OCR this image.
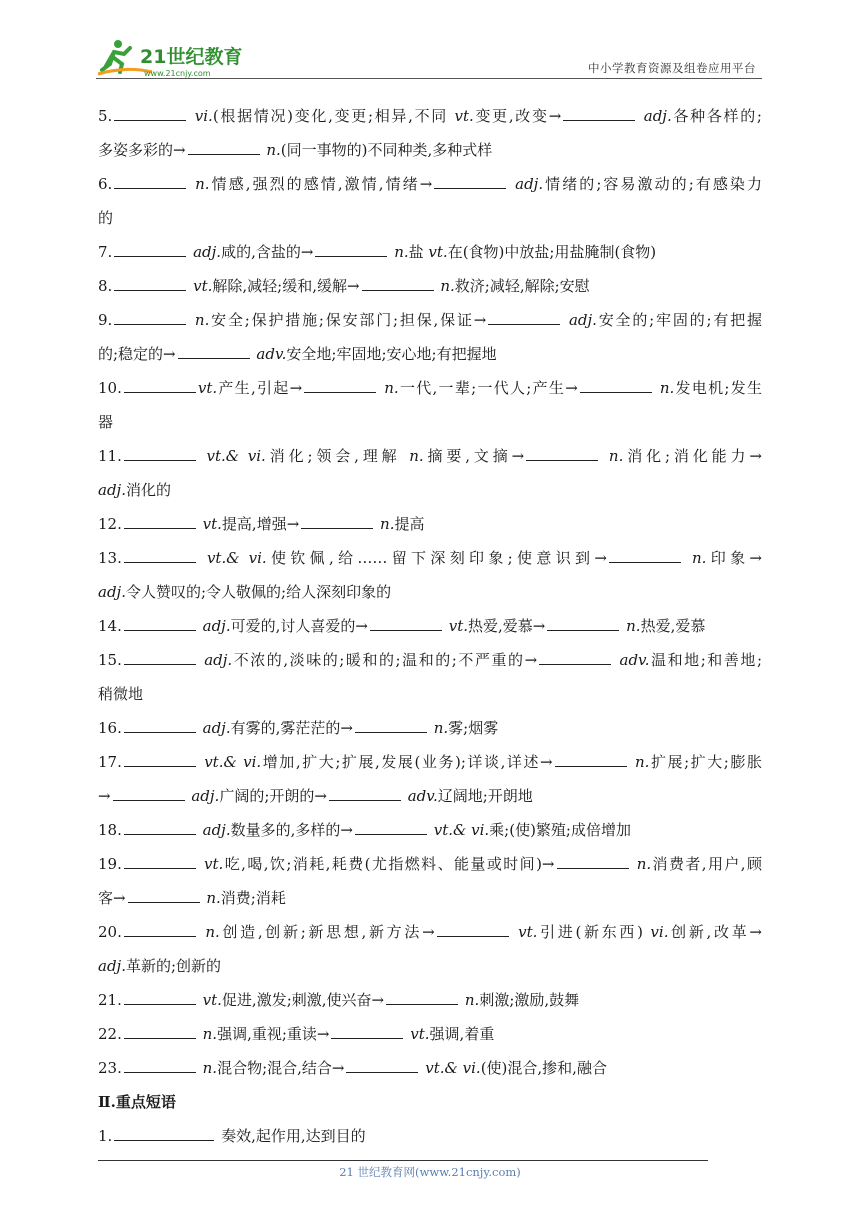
21世纪教育
www.21cnjy.com	中小学教育资源及组卷应用平台
5.	vi.(根据情况)变化,变更;相异,不同 vt.变更,改变→	adj.各种各样的;
多姿多彩的→	n.(同一事物的)不同种类,多种式样
6.	n.情感,强烈的感情,激情,情绪→	adj.情绪的;容易激动的;有感染力
的
7.	adj.咸的,含盐的→	n.盐 vt.在(食物)中放盐;用盐腌制(食物)
8.	vt.解除,减轻;缓和,缓解→	n.救济;减轻,解除;安慰
9.	n.安全;保护措施;保安部门;担保,保证→	adj.安全的;牢固的;有把握
的;稳定的→	adv.安全地;牢固地;安心地;有把握地
10.	vt.产生,引起→	n.一代,一辈;一代人;产生→	n.发电机;发生
器
11.	vt.& vi.消化;领会,理解 n.摘要,文摘→	n.消化;消化能力→
adj.消化的
12.	vt.提高,增强→	n.提高
13.	vt.& vi.使钦佩,给……留下深刻印象;使意识到→	n.印象→
adj.令人赞叹的;令人敬佩的;给人深刻印象的
14.	adj.可爱的,讨人喜爱的→	vt.热爱,爱慕→	n.热爱,爱慕
15.	adj.不浓的,淡味的;暖和的;温和的;不严重的→	adv.温和地;和善地;
稍微地
16.	adj.有雾的,雾茫茫的→	n.雾;烟雾
17.	vt.& vi.增加,扩大;扩展,发展(业务);详谈,详述→	n.扩展;扩大;膨胀
→	adj.广阔的;开朗的→	adv.辽阔地;开朗地
18.	adj.数量多的,多样的→	vt.& vi.乘;(使)繁殖;成倍增加
19.	vt.吃,喝,饮;消耗,耗费(尤指燃料、能量或时间)→	n.消费者,用户,顾
客→	n.消费;消耗
20.	n.创造,创新;新思想,新方法→	vt.引进(新东西) vi.创新,改革→
adj.革新的;创新的
21.	vt.促进,激发;刺激,使兴奋→	n.刺激;激励,鼓舞
22.	n.强调,重视;重读→	vt.强调,着重
23.	n.混合物;混合,结合→	vt.& vi.(使)混合,掺和,融合
Ⅱ.重点短语
1.	奏效,起作用,达到目的
21 世纪教育网(www.21cnjy.com)
